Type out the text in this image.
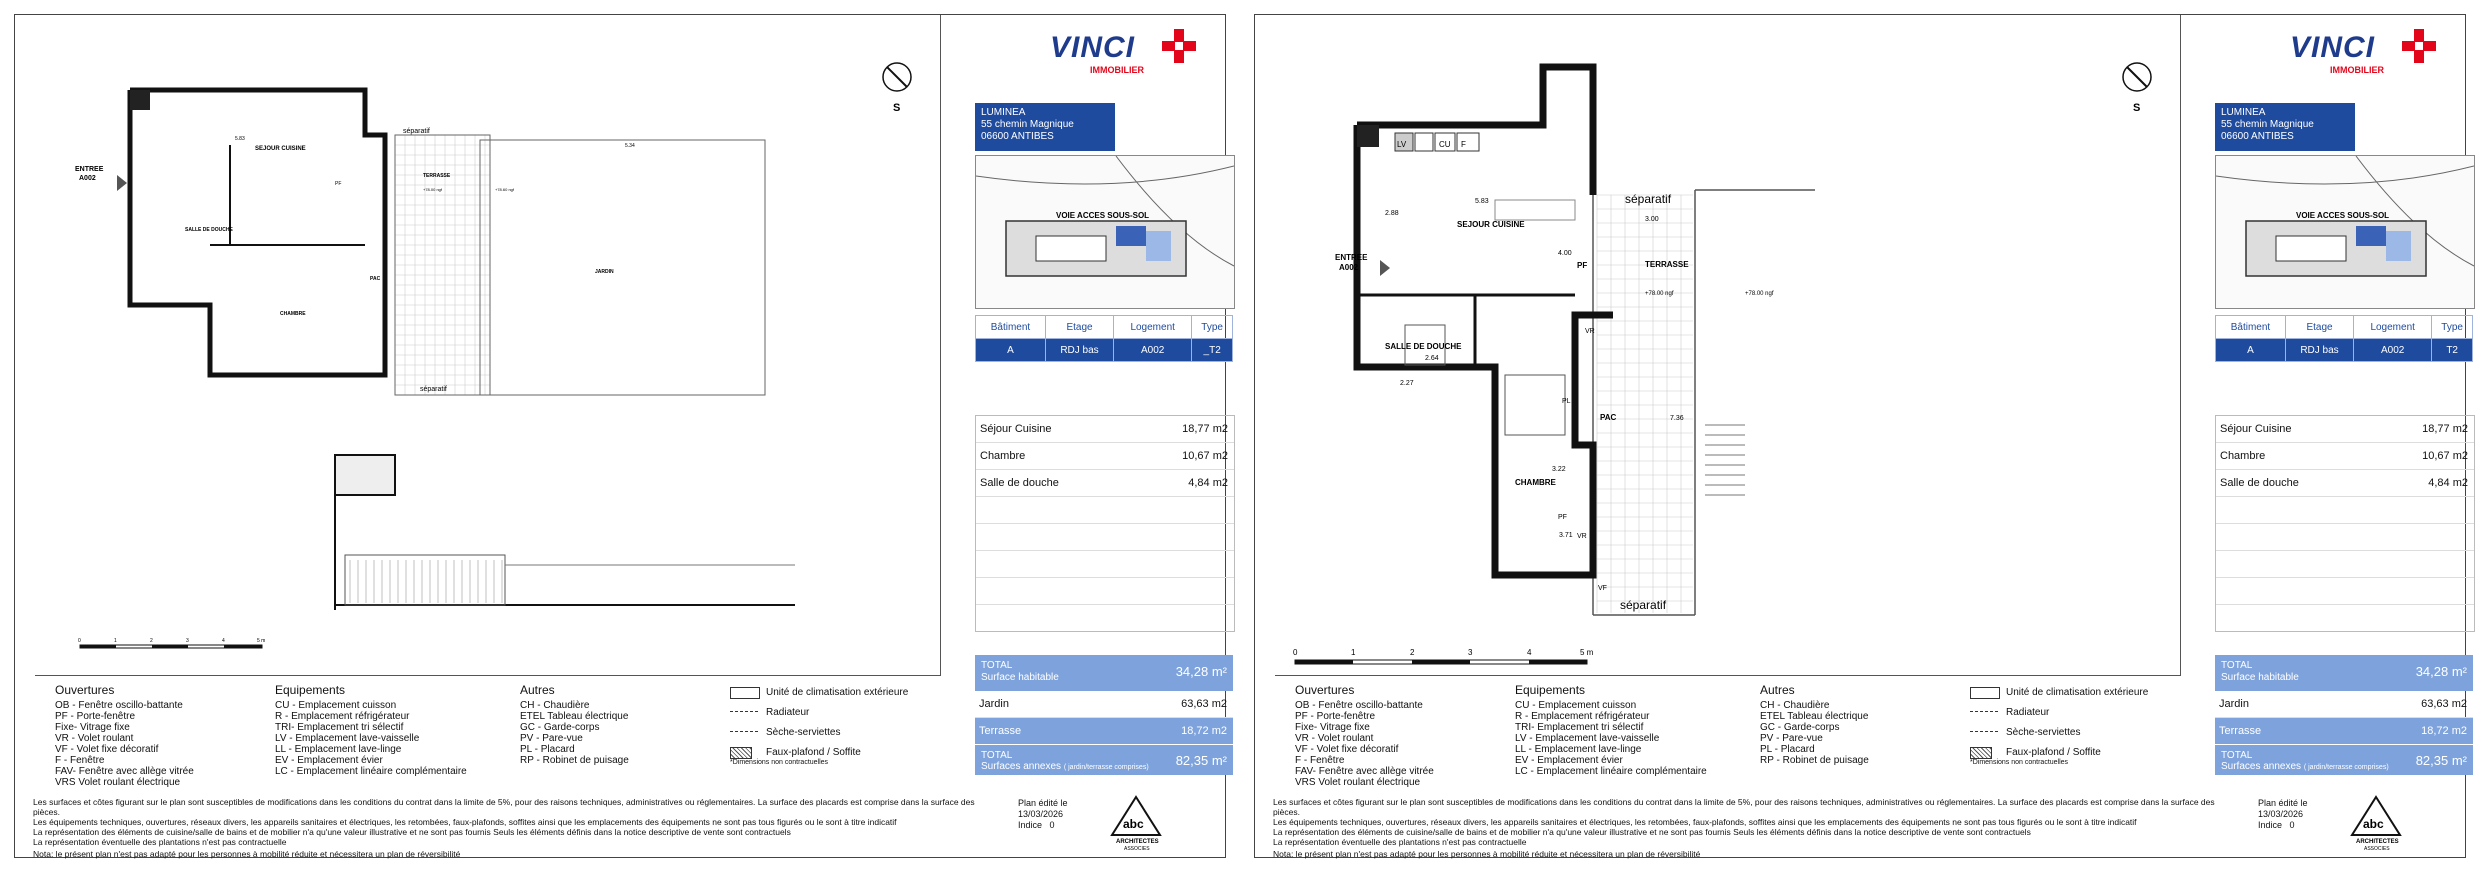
S
ENTREE
A002
SEJOUR CUISINE
SALLE DE DOUCHE
CHAMBRE
TERRASSE
JARDIN
séparatif
séparatif
PAC
PF
+78.00 ngf	+78.60 ngf
5.83
5.34
0	1	2	3	4	5 m
VINCI
IMMOBILIER
LUMINEA
55 chemin Magnique
06600 ANTIBES
VOIE ACCES SOUS-SOL
Bâtiment	Etage	Logement	Type
A	RDJ bas	A002	_T2
Séjour Cuisine	18,77 m2
Chambre	10,67 m2
Salle de douche	4,84 m2
TOTAL
Surface habitable	34,28 m²
Jardin	63,63 m2
Terrasse	18,72 m2
TOTAL
Surfaces annexes ( jardin/terrasse comprises) 82,35 m²
Ouvertures
OB - Fenêtre oscillo-battante
PF - Porte-fenêtre
Fixe- Vitrage fixe
VR - Volet roulant
VF - Volet fixe décoratif
F - Fenêtre
FAV- Fenêtre avec allège vitrée
VRS Volet roulant électrique
Equipements
CU - Emplacement cuisson
R - Emplacement réfrigérateur
TRI- Emplacement tri sélectif
LV - Emplacement lave-vaisselle
LL - Emplacement lave-linge
EV - Emplacement évier
LC - Emplacement linéaire complémentaire
Autres
CH - Chaudière
ETEL Tableau électrique
GC - Garde-corps
PV - Pare-vue
PL - Placard
RP - Robinet de puisage
Unité de climatisation extérieure
Radiateur
Sèche-serviettes
Faux-plafond / Soffite
*Dimensions non contractuelles
Les surfaces et côtes figurant sur le plan sont susceptibles de modifications dans les conditions du contrat dans la limite de 5%, pour des raisons techniques, administratives ou réglementaires. La surface des placards est comprise dans la surface des pièces.
Les équipements techniques, ouvertures, réseaux divers, les appareils sanitaires et électriques, les retombées, faux-plafonds, soffites ainsi que les emplacements des équipements ne sont pas tous figurés ou le sont à titre indicatif
La représentation des éléments de cuisine/salle de bains et de mobilier n'a qu'une valeur illustrative et ne sont pas fournis Seuls les éléments définis dans la notice descriptive de vente sont contractuels
La représentation éventuelle des plantations n'est pas contractuelle
Plan édité le
13/03/2026
Indice 0	abc
ARCHITECTES
ASSOCIES
Nota: le présent plan n'est pas adapté pour les personnes à mobilité réduite et nécessitera un plan de réversibilité
S
ENTREE
A002
SEJOUR CUISINE
SALLE DE DOUCHE
CHAMBRE
TERRASSE
séparatif
séparatif
PAC
PF
PF
VR
VR
VF
PL
LV	CU F
+78.00 ngf	+78.00 ngf
5.83
3.00
2.64
7.36
3.71
3.22
2.27
2.88
4.00
0	1	2	3	4	5 m
VINCI
IMMOBILIER
LUMINEA
55 chemin Magnique
06600 ANTIBES
VOIE ACCES SOUS-SOL
Bâtiment	Etage	Logement	Type
A	RDJ bas	A002	T2
Séjour Cuisine	18,77 m2
Chambre	10,67 m2
Salle de douche	4,84 m2
TOTAL
Surface habitable	34,28 m²
Jardin	63,63 m2
Terrasse	18,72 m2
TOTAL
Surfaces annexes ( jardin/terrasse comprises) 82,35 m²
Ouvertures
OB - Fenêtre oscillo-battante
PF - Porte-fenêtre
Fixe- Vitrage fixe
VR - Volet roulant
VF - Volet fixe décoratif
F - Fenêtre
FAV- Fenêtre avec allège vitrée
VRS Volet roulant électrique
Equipements
CU - Emplacement cuisson
R - Emplacement réfrigérateur
TRI- Emplacement tri sélectif
LV - Emplacement lave-vaisselle
LL - Emplacement lave-linge
EV - Emplacement évier
LC - Emplacement linéaire complémentaire
Autres
CH - Chaudière
ETEL Tableau électrique
GC - Garde-corps
PV - Pare-vue
PL - Placard
RP - Robinet de puisage
Unité de climatisation extérieure
Radiateur
Sèche-serviettes
Faux-plafond / Soffite
*Dimensions non contractuelles
Les surfaces et côtes figurant sur le plan sont susceptibles de modifications dans les conditions du contrat dans la limite de 5%, pour des raisons techniques, administratives ou réglementaires. La surface des placards est comprise dans la surface des pièces.
Les équipements techniques, ouvertures, réseaux divers, les appareils sanitaires et électriques, les retombées, faux-plafonds, soffites ainsi que les emplacements des équipements ne sont pas tous figurés ou le sont à titre indicatif
La représentation des éléments de cuisine/salle de bains et de mobilier n'a qu'une valeur illustrative et ne sont pas fournis Seuls les éléments définis dans la notice descriptive de vente sont contractuels
La représentation éventuelle des plantations n'est pas contractuelle
Plan édité le
13/03/2026
Indice 0	abc
ARCHITECTES
ASSOCIES
Nota: le présent plan n'est pas adapté pour les personnes à mobilité réduite et nécessitera un plan de réversibilité
